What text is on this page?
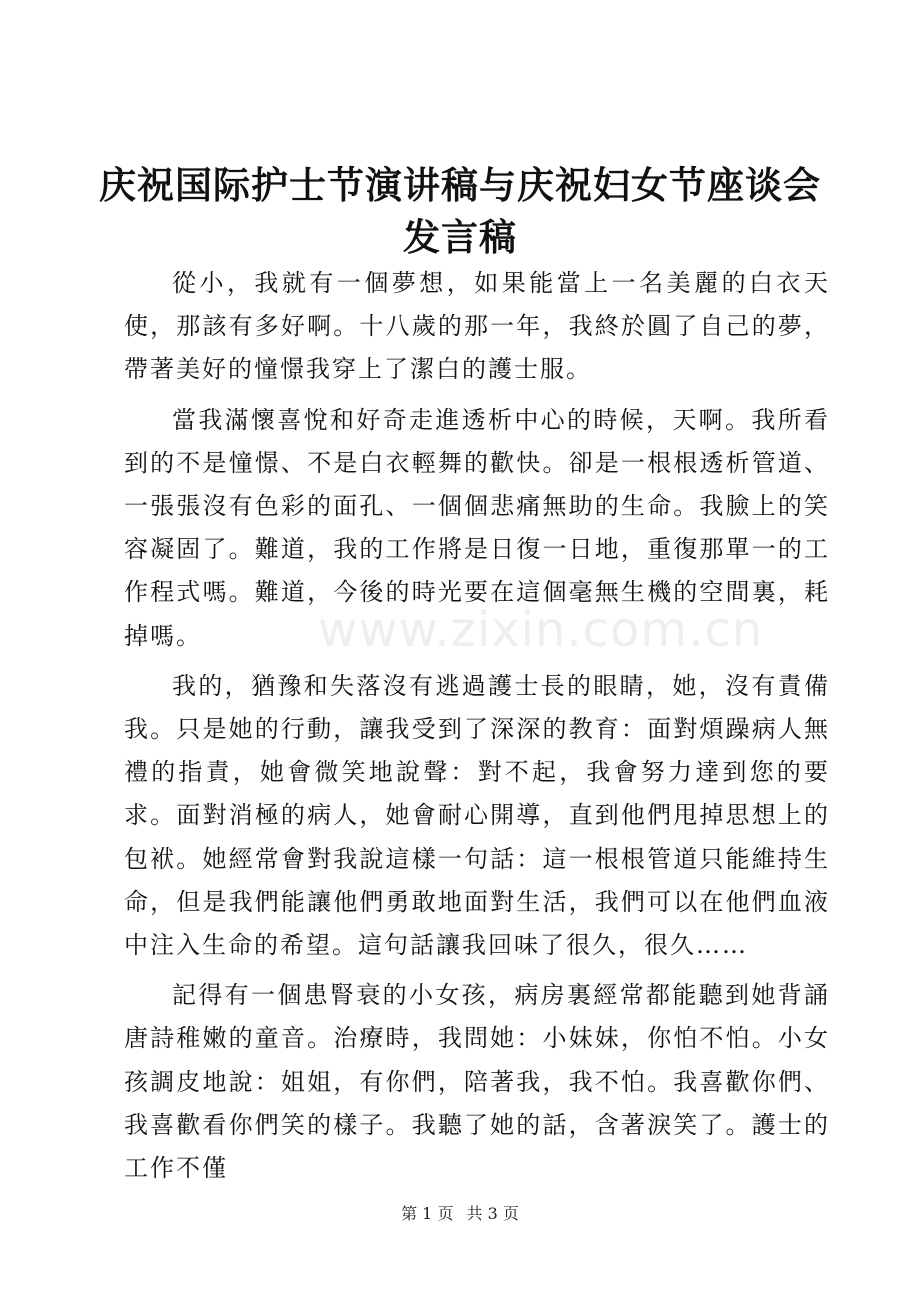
庆祝国际护士节演讲稿与庆祝妇女节座谈会发言稿
www.zixin.com.cn

從小，我就有一個夢想，如果能當上一名美麗的白衣天使，那該有多好啊。十八歲的那一年，我終於圓了自己的夢，帶著美好的憧憬我穿上了潔白的護士服。

當我滿懷喜悅和好奇走進透析中心的時候，天啊。我所看到的不是憧憬、不是白衣輕舞的歡快。卻是一根根透析管道、一張張沒有色彩的面孔、一個個悲痛無助的生命。我臉上的笑容凝固了。難道，我的工作將是日復一日地，重復那單一的工作程式嗎。難道，今後的時光要在這個毫無生機的空間裏，耗掉嗎。

我的，猶豫和失落沒有逃過護士長的眼睛，她，沒有責備我。只是她的行動，讓我受到了深深的教育：面對煩躁病人無禮的指責，她會微笑地說聲：對不起，我會努力達到您的要求。面對消極的病人，她會耐心開導，直到他們甩掉思想上的包袱。她經常會對我說這樣一句話：這一根根管道只能維持生命，但是我們能讓他們勇敢地面對生活，我們可以在他們血液中注入生命的希望。這句話讓我回味了很久，很久……

記得有一個患腎衰的小女孩，病房裏經常都能聽到她背誦唐詩稚嫩的童音。治療時，我問她：小妹妹，你怕不怕。小女孩調皮地說：姐姐，有你們，陪著我，我不怕。我喜歡你們、我喜歡看你們笑的樣子。我聽了她的話，含著淚笑了。護士的工作不僅

第 1 页 共 3 页
